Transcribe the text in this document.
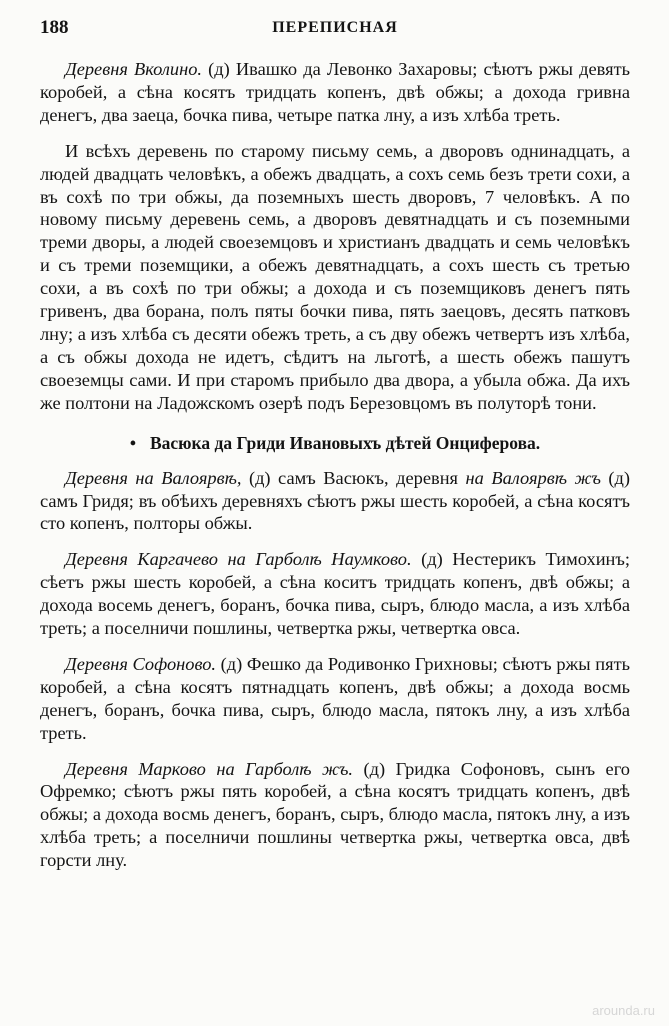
188	ПЕРЕПИСНАЯ

Деревня Вколино. (д) Ивашко да Левонко Захаровы; сѣютъ ржы девять коробей, а сѣна косятъ тридцать копенъ, двѣ обжы; а дохода гривна денегъ, два заеца, бочка пива, четыре патка лну, а изъ хлѣба треть.

И всѣхъ деревень по старому письму семь, а дворовъ однинадцать, а людей двадцать человѣкъ, а обежъ двадцать, а сохъ семь безъ трети сохи, а въ сохѣ по три обжы, да поземныхъ шесть дворовъ, 7 человѣкъ. А по новому письму деревень семь, а дворовъ девятнадцать и съ поземными треми дворы, а людей своеземцовъ и христианъ двадцать и семь человѣкъ и съ треми поземщики, а обежъ девятнадцать, а сохъ шесть съ третью сохи, а въ сохѣ по три обжы; а дохода и съ поземщиковъ денегъ пять гривенъ, два борана, полъ пяты бочки пива, пять заецовъ, десять патковъ лну; а изъ хлѣба съ десяти обежъ треть, а съ дву обежъ четвертъ изъ хлѣба, а съ обжы дохода не идетъ, сѣдитъ на льготѣ, а шесть обежъ пашутъ своеземцы сами. И при старомъ прибыло два двора, а убыла обжа. Да ихъ же полтони на Ладожскомъ озерѣ подъ Березовцомъ въ полуторѣ тони.

• Васюка да Гриди Ивановыхъ дѣтей Онциферова.

Деревня на Валоярвѣ, (д) самъ Васюкъ, деревня на Валоярвѣ жъ (д) самъ Гридя; въ обѣихъ деревняхъ сѣютъ ржы шесть коробей, а сѣна косятъ сто копенъ, полторы обжы.

Деревня Каргачево на Гарболѣ Наумково. (д) Нестерикъ Тимохинъ; сѣетъ ржы шесть коробей, а сѣна коситъ тридцать копенъ, двѣ обжы; а дохода восемь денегъ, боранъ, бочка пива, сыръ, блюдо масла, а изъ хлѣба треть; а поселничи пошлины, четвертка ржы, четвертка овса.

Деревня Софоново. (д) Фешко да Родивонко Грихновы; сѣютъ ржы пять коробей, а сѣна косятъ пятнадцать копенъ, двѣ обжы; а дохода восмь денегъ, боранъ, бочка пива, сыръ, блюдо масла, пятокъ лну, а изъ хлѣба треть.

Деревня Марково на Гарболѣ жъ. (д) Гридка Софоновъ, сынъ его Офремко; сѣютъ ржы пять коробей, а сѣна косятъ тридцать копенъ, двѣ обжы; а дохода восмь денегъ, боранъ, сыръ, блюдо масла, пятокъ лну, а изъ хлѣба треть; а поселничи пошлины четвертка ржы, четвертка овса, двѣ горсти лну.

arounda.ru
